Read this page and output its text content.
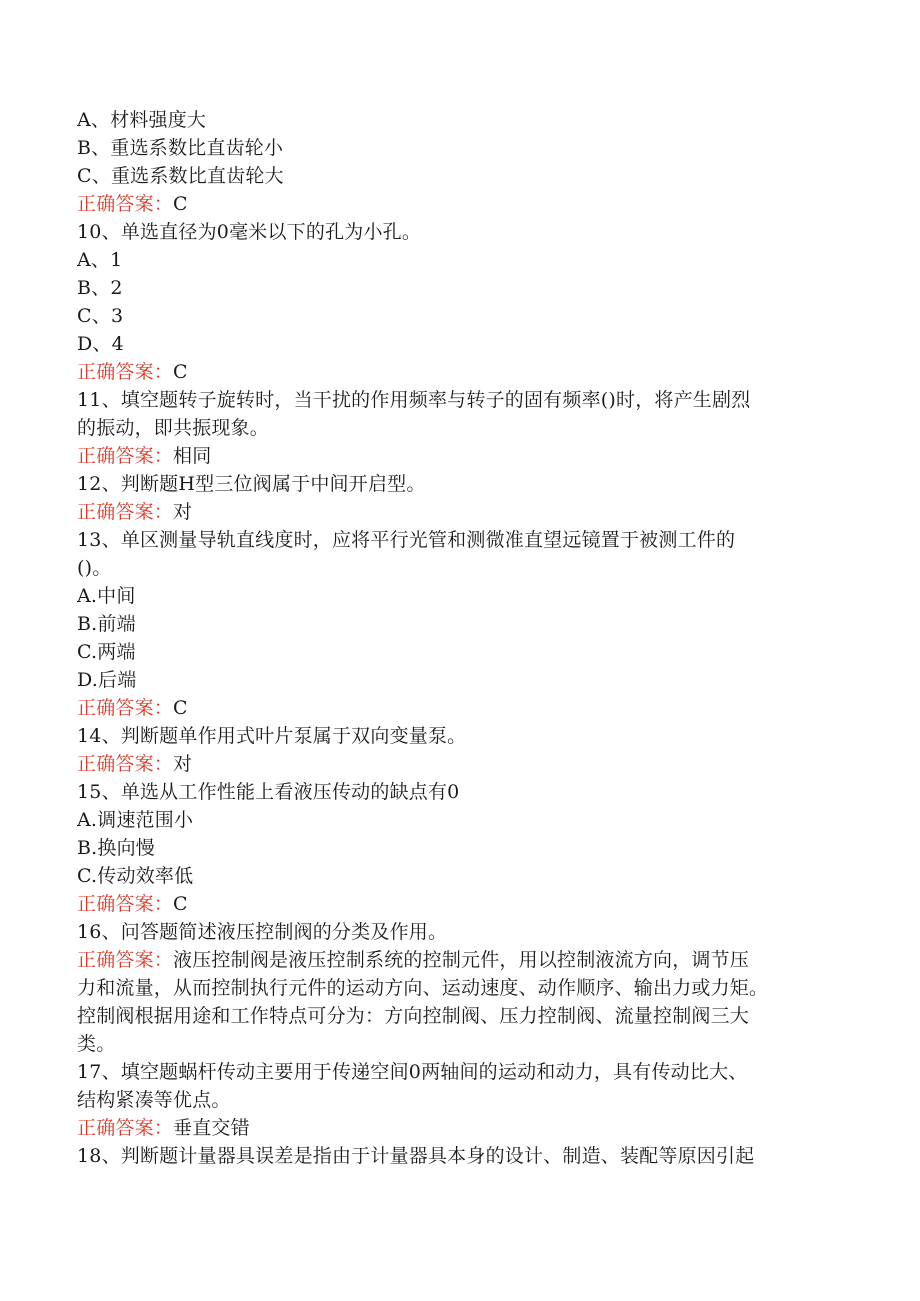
A、材料强度大
B、重选系数比直齿轮小
C、重选系数比直齿轮大
正确答案：C
10、单选直径为0毫米以下的孔为小孔。
A、1
B、2
C、3
D、4
正确答案：C
11、填空题转子旋转时，当干扰的作用频率与转子的固有频率()时，将产生剧烈
的振动，即共振现象。
正确答案：相同
12、判断题H型三位阀属于中间开启型。
正确答案：对
13、单区测量导轨直线度时，应将平行光管和测微准直望远镜置于被测工件的
()。
A.中间
B.前端
C.两端
D.后端
正确答案：C
14、判断题单作用式叶片泵属于双向变量泵。
正确答案：对
15、单选从工作性能上看液压传动的缺点有0
A.调速范围小
B.换向慢
C.传动效率低
正确答案：C
16、问答题简述液压控制阀的分类及作用。
正确答案：液压控制阀是液压控制系统的控制元件，用以控制液流方向，调节压
力和流量，从而控制执行元件的运动方向、运动速度、动作顺序、输出力或力矩。
控制阀根据用途和工作特点可分为：方向控制阀、压力控制阀、流量控制阀三大
类。
17、填空题蜗杆传动主要用于传递空间0两轴间的运动和动力，具有传动比大、
结构紧凑等优点。
正确答案：垂直交错
18、判断题计量器具误差是指由于计量器具本身的设计、制造、装配等原因引起
